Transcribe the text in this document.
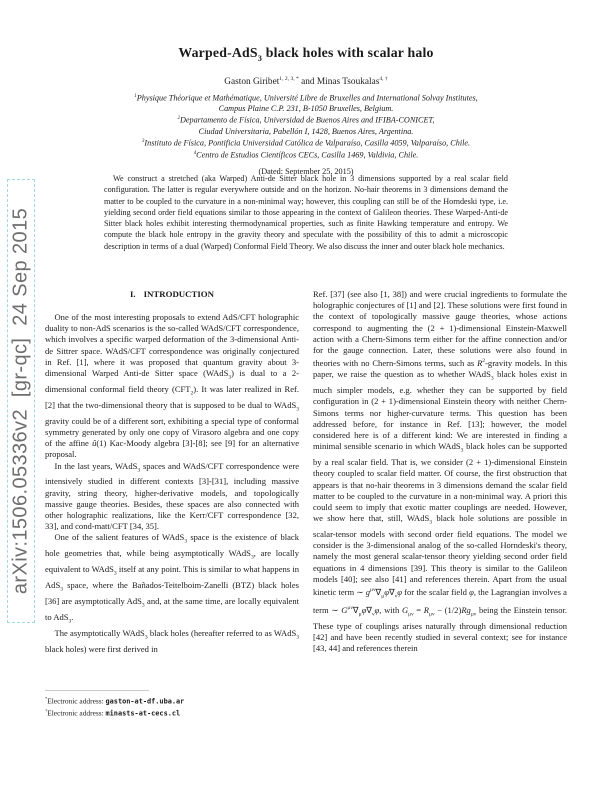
arXiv:1506.05336v2  [gr-qc]  24 Sep 2015
Warped-AdS$_3$ black holes with scalar halo
Gaston Giribet$^{1, 2, 3, *}$ and Minas Tsoukalas$^{4, \dagger}$
$^1$Physique Théorique et Mathématique, Université Libre de Bruxelles and International Solvay Institutes,
Campus Plaine C.P. 231, B-1050 Bruxelles, Belgium.
$^2$Departamento de Física, Universidad de Buenos Aires and IFIBA-CONICET,
Ciudad Universitaria, Pabellón I, 1428, Buenos Aires, Argentina.
$^3$Instituto de Física, Pontificia Universidad Católica de Valparaíso, Casilla 4059, Valparaíso, Chile.
$^4$Centro de Estudios Científicos CECs, Casilla 1469, Valdivia, Chile.
(Dated: September 25, 2015)
We construct a stretched (aka Warped) Anti-de Sitter black hole in 3 dimensions supported by a real scalar field configuration. The latter is regular everywhere outside and on the horizon. No-hair theorems in 3 dimensions demand the matter to be coupled to the curvature in a non-minimal way; however, this coupling can still be of the Horndeski type, i.e. yielding second order field equations similar to those appearing in the context of Galileon theories. These Warped-Anti-de Sitter black holes exhibit interesting thermodynamical properties, such as finite Hawking temperature and entropy. We compute the black hole entropy in the gravity theory and speculate with the possibility of this to admit a microscopic description in terms of a dual (Warped) Conformal Field Theory. We also discuss the inner and outer black hole mechanics.
I. INTRODUCTION

One of the most interesting proposals to extend AdS/CFT holographic duality to non-AdS scenarios is the so-called WAdS/CFT correspondence, which involves a specific warped deformation of the 3-dimensional Anti-de Sittrer space. WAdS/CFT correspondence was originally conjectured in Ref. [1], where it was proposed that quantum gravity about 3-dimensional Warped Anti-de Sitter space (WAdS$_3$) is dual to a 2-dimensional conformal field theory $(CFT_2)$. It was later realized in Ref. [2] that the two-dimensional theory that is supposed to be dual to WAdS$_3$ gravity could be of a different sort, exhibiting a special type of conformal symmetry generated by only one copy of Virasoro algebra and one copy of the affine û(1) Kac-Moody algebra [3]-[8]; see [9] for an alternative proposal.

In the last years, WAdS$_3$ spaces and WAdS/CFT correspondence were intensively studied in different contexts [3]-[31], including massive gravity, string theory, higher-derivative models, and topologically massive gauge theories. Besides, these spaces are also connected with other holographic realizations, like the Kerr/CFT correspondence [32, 33], and cond-matt/CFT [34, 35].

One of the salient features of WAdS$_3$ space is the existence of black hole geometries that, while being asymptotically WAdS$_3$, are locally equivalent to WAdS$_3$ itself at any point. This is similar to what happens in AdS$_3$ space, where the Bañados-Teitelboim-Zanelli (BTZ) black holes [36] are asymptotically AdS$_3$ and, at the same time, are locally equivalent to AdS$_3$.

The asymptotically WAdS$_3$ black holes (hereafter referred to as WAdS$_3$ black holes) were first derived in

Ref. [37] (see also [1, 38]) and were crucial ingredients to formulate the holographic conjectures of [1] and [2]. These solutions were first found in the context of topologically massive gauge theories, whose actions correspond to augmenting the (2 + 1)-dimensional Einstein-Maxwell action with a Chern-Simons term either for the affine connection and/or for the gauge connection. Later, these solutions were also found in theories with no Chern-Simons terms, such as $R^2$-gravity models. In this paper, we raise the question as to whether WAdS$_3$ black holes exist in much simpler models, e.g. whether they can be supported by field configuration in (2 + 1)-dimensional Einstein theory with neither Chern-Simons terms nor higher-curvature terms. This question has been addressed before, for instance in Ref. [13]; however, the model considered here is of a different kind: We are interested in finding a minimal sensible scenario in which WAdS$_3$ black holes can be supported by a real scalar field. That is, we consider (2 + 1)-dimensional Einstein theory coupled to scalar field matter. Of course, the first obstruction that appears is that no-hair theorems in 3 dimensions demand the scalar field matter to be coupled to the curvature in a non-minimal way. A priori this could seem to imply that exotic matter couplings are needed. However, we show here that, still, WAdS$_3$ black hole solutions are possible in scalar-tensor models with second order field equations. The model we consider is the 3-dimensional analog of the so-called Horndeski's theory, namely the most general scalar-tensor theory yielding second order field equations in 4 dimensions [39]. This theory is similar to the Galileon models [40]; see also [41] and references therein. Apart from the usual kinetic term ∼ $g^{\mu\nu}\nabla_\mu\varphi\nabla_\nu\varphi$ for the scalar field φ, the Lagrangian involves a term ∼ $G^{\mu\nu}\nabla_\mu\varphi\nabla_\nu\varphi$, with $G_{\mu\nu} = R_{\mu\nu} - (1/2)Rg_{\mu\nu}$ being the Einstein tensor. These type of couplings arises naturally through dimensional reduction [42] and have been recently studied in several context; see for instance [43, 44] and references therein

*Electronic address: gaston-at-df.uba.ar
†Electronic address: minasts-at-cecs.cl
